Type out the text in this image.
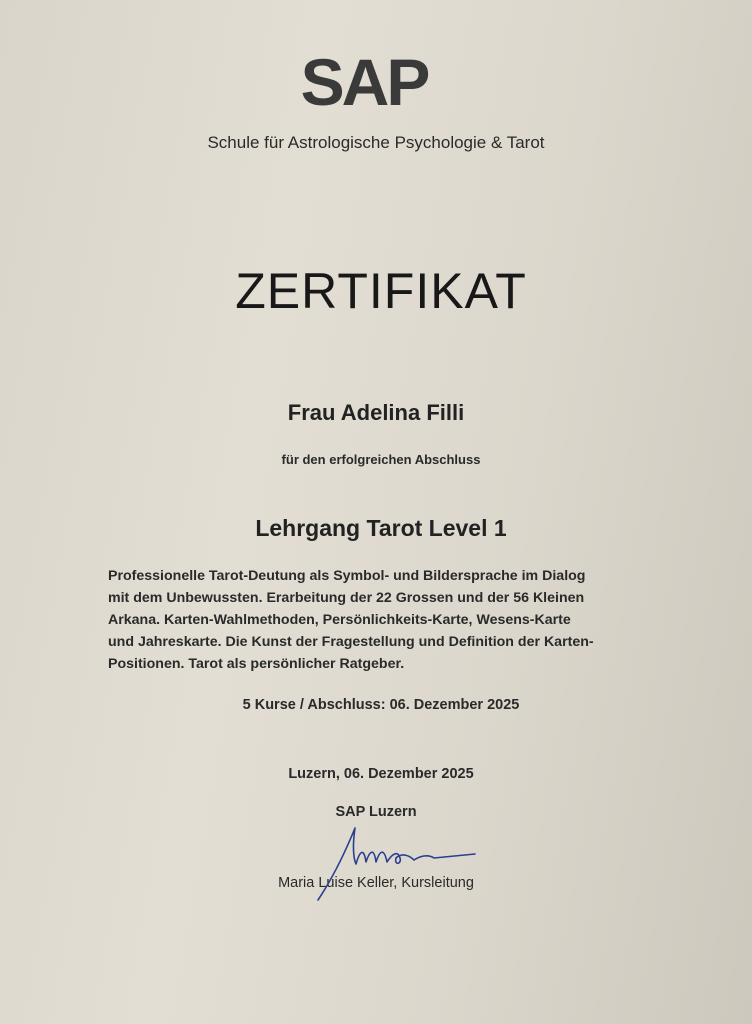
SAP
Schule für Astrologische Psychologie & Tarot
ZERTIFIKAT
Frau Adelina Filli
für den erfolgreichen Abschluss
Lehrgang Tarot Level 1
Professionelle Tarot-Deutung als Symbol- und Bildersprache im Dialog
mit dem Unbewussten. Erarbeitung der 22 Grossen und der 56 Kleinen
Arkana. Karten-Wahlmethoden, Persönlichkeits-Karte, Wesens-Karte
und Jahreskarte. Die Kunst der Fragestellung und Definition der Karten-
Positionen. Tarot als persönlicher Ratgeber.
5 Kurse / Abschluss: 06. Dezember 2025
Luzern, 06. Dezember 2025
SAP Luzern
Maria Luise Keller, Kursleitung
